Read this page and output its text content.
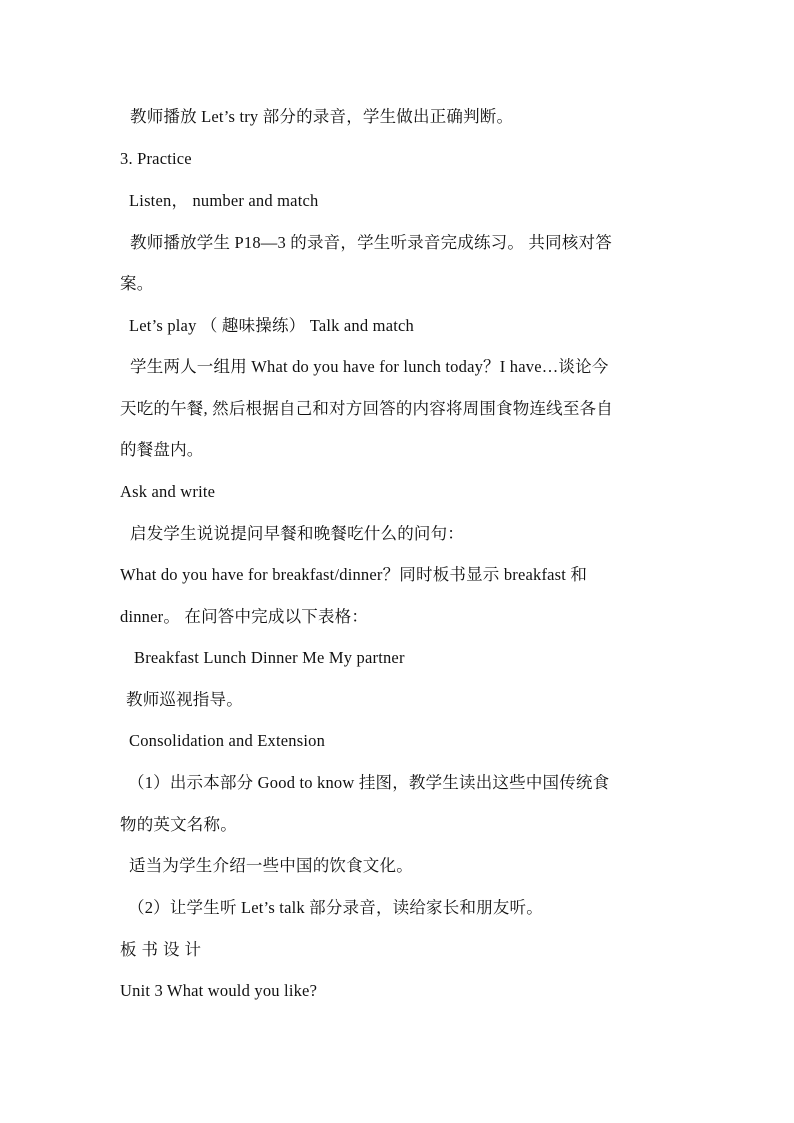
教师播放 Let’s try 部分的录音，学生做出正确判断。
3. Practice
Listen， number and match
教师播放学生 P18—3 的录音，学生听录音完成练习。 共同核对答
案。
Let’s play （ 趣味操练） Talk and match
学生两人一组用 What do you have for lunch today？I have…谈论今
天吃的午餐, 然后根据自己和对方回答的内容将周围食物连线至各自
的餐盘内。
Ask and write
启发学生说说提问早餐和晚餐吃什么的问句：
What do you have for breakfast/dinner？同时板书显示 breakfast 和
dinner。 在问答中完成以下表格：
Breakfast Lunch Dinner Me My partner
教师巡视指导。
Consolidation and Extension
（1）出示本部分 Good to know 挂图，教学生读出这些中国传统食
物的英文名称。
适当为学生介绍一些中国的饮食文化。
（2）让学生听 Let’s talk 部分录音，读给家长和朋友听。
板书设计
Unit 3 What would you like?
